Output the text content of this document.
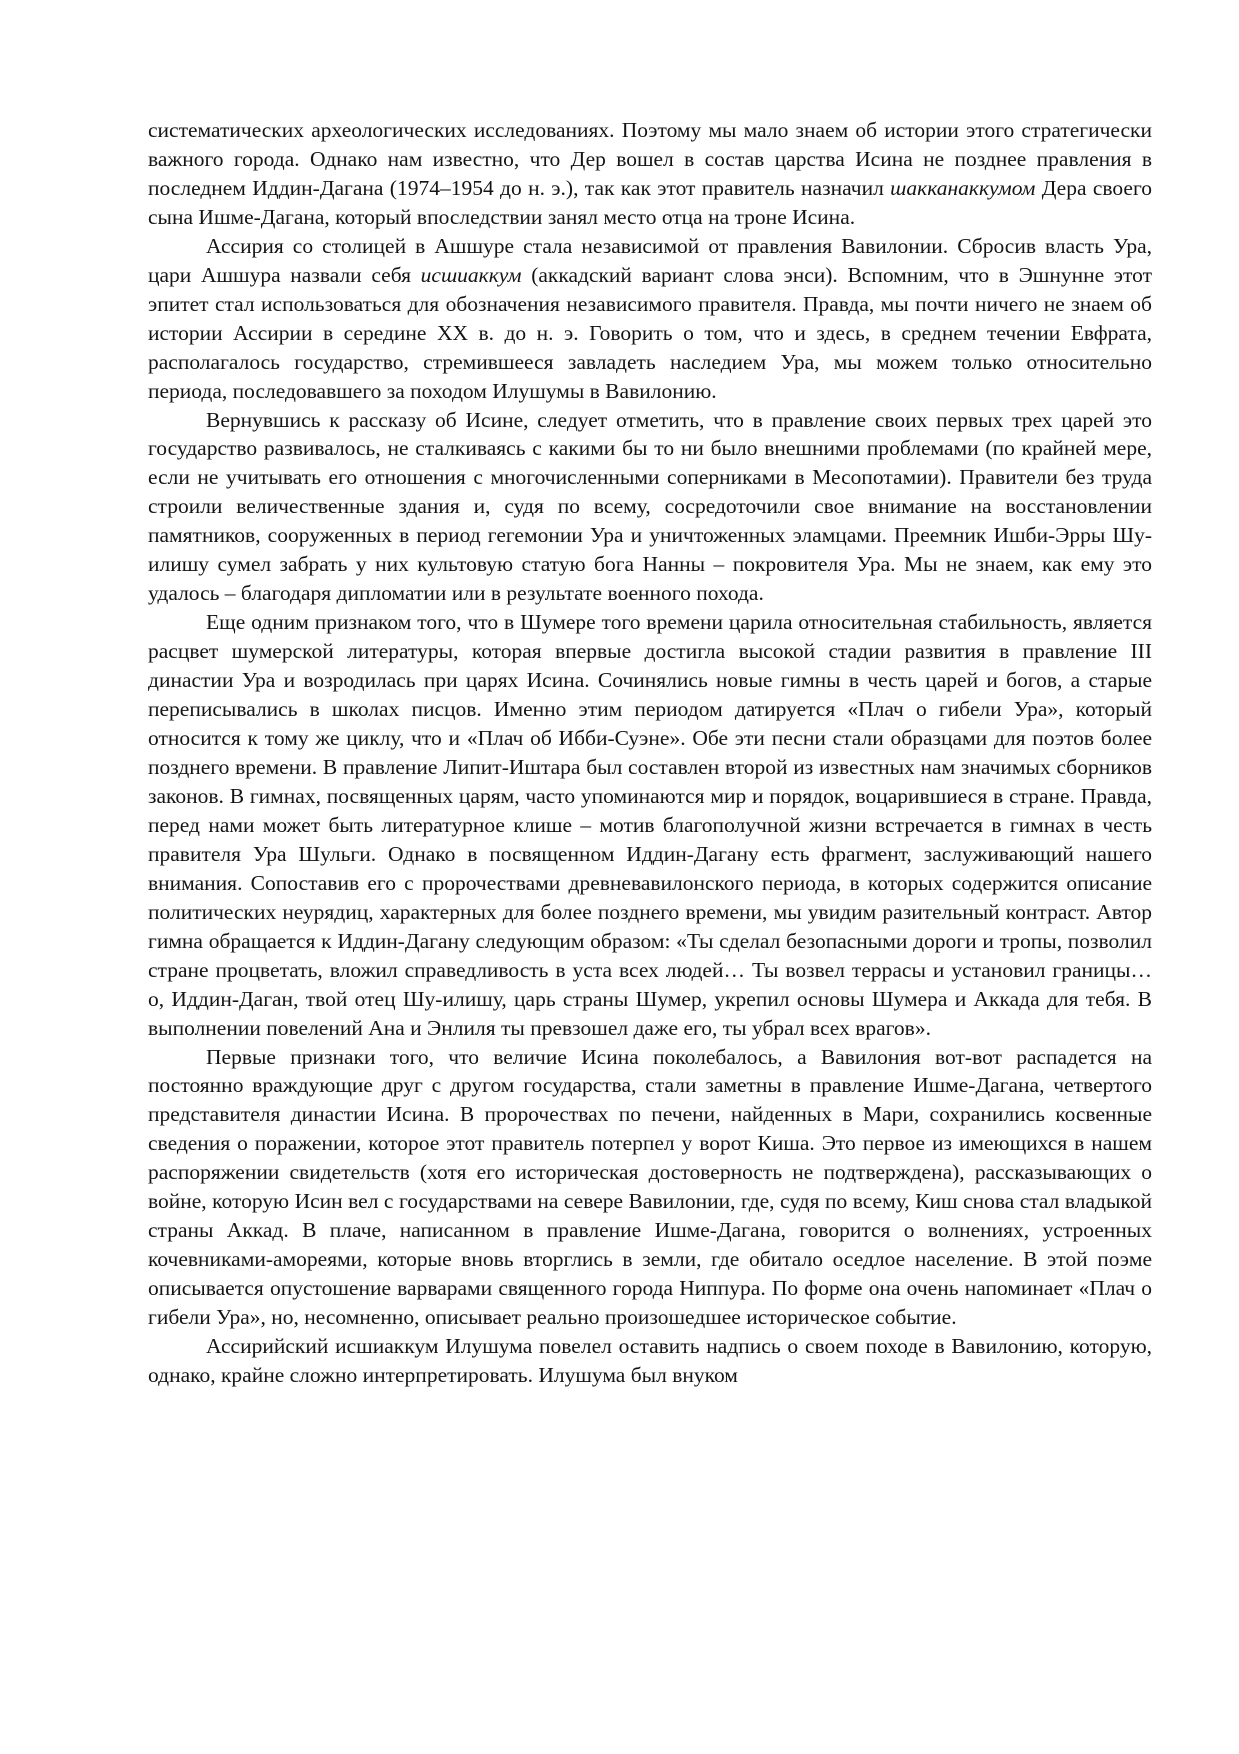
систематических археологических исследованиях. Поэтому мы мало знаем об истории этого стратегически важного города. Однако нам известно, что Дер вошел в состав царства Исина не позднее правления в последнем Иддин-Дагана (1974–1954 до н. э.), так как этот правитель назначил шакканаккумом Дера своего сына Ишме-Дагана, который впоследствии занял место отца на троне Исина.

Ассирия со столицей в Ашшуре стала независимой от правления Вавилонии. Сбросив власть Ура, цари Ашшура назвали себя иcшиаккум (аккадский вариант слова энси). Вспомним, что в Эшнунне этот эпитет стал использоваться для обозначения независимого правителя. Правда, мы почти ничего не знаем об истории Ассирии в середине XX в. до н. э. Говорить о том, что и здесь, в среднем течении Евфрата, располагалось государство, стремившееся завладеть наследием Ура, мы можем только относительно периода, последовавшего за походом Илушумы в Вавилонию.

Вернувшись к рассказу об Исине, следует отметить, что в правление своих первых трех царей это государство развивалось, не сталкиваясь с какими бы то ни было внешними проблемами (по крайней мере, если не учитывать его отношения с многочисленными соперниками в Месопотамии). Правители без труда строили величественные здания и, судя по всему, сосредоточили свое внимание на восстановлении памятников, сооруженных в период гегемонии Ура и уничтоженных эламцами. Преемник Ишби-Эрры Шу-илишу сумел забрать у них культовую статую бога Нанны – покровителя Ура. Мы не знаем, как ему это удалось – благодаря дипломатии или в результате военного похода.

Еще одним признаком того, что в Шумере того времени царила относительная стабильность, является расцвет шумерской литературы, которая впервые достигла высокой стадии развития в правление III династии Ура и возродилась при царях Исина. Сочинялись новые гимны в честь царей и богов, а старые переписывались в школах писцов. Именно этим периодом датируется «Плач о гибели Ура», который относится к тому же циклу, что и «Плач об Ибби-Суэне». Обе эти песни стали образцами для поэтов более позднего времени. В правление Липит-Иштара был составлен второй из известных нам значимых сборников законов. В гимнах, посвященных царям, часто упоминаются мир и порядок, воцарившиеся в стране. Правда, перед нами может быть литературное клише – мотив благополучной жизни встречается в гимнах в честь правителя Ура Шульги. Однако в посвященном Иддин-Дагану есть фрагмент, заслуживающий нашего внимания. Сопоставив его с пророчествами древневавилонского периода, в которых содержится описание политических неурядиц, характерных для более позднего времени, мы увидим разительный контраст. Автор гимна обращается к Иддин-Дагану следующим образом: «Ты сделал безопасными дороги и тропы, позволил стране процветать, вложил справедливость в уста всех людей… Ты возвел террасы и установил границы… о, Иддин-Даган, твой отец Шу-илишу, царь страны Шумер, укрепил основы Шумера и Аккада для тебя. В выполнении повелений Ана и Энлиля ты превзошел даже его, ты убрал всех врагов».

Первые признаки того, что величие Исина поколебалось, а Вавилония вот-вот распадется на постоянно враждующие друг с другом государства, стали заметны в правление Ишме-Дагана, четвертого представителя династии Исина. В пророчествах по печени, найденных в Мари, сохранились косвенные сведения о поражении, которое этот правитель потерпел у ворот Киша. Это первое из имеющихся в нашем распоряжении свидетельств (хотя его историческая достоверность не подтверждена), рассказывающих о войне, которую Исин вел с государствами на севере Вавилонии, где, судя по всему, Киш снова стал владыкой страны Аккад. В плаче, написанном в правление Ишме-Дагана, говорится о волнениях, устроенных кочевниками-амореями, которые вновь вторглись в земли, где обитало оседлое население. В этой поэме описывается опустошение варварами священного города Ниппура. По форме она очень напоминает «Плач о гибели Ура», но, несомненно, описывает реально произошедшее историческое событие.

Ассирийский исшиаккум Илушума повелел оставить надпись о своем походе в Вавилонию, которую, однако, крайне сложно интерпретировать. Илушума был внуком
